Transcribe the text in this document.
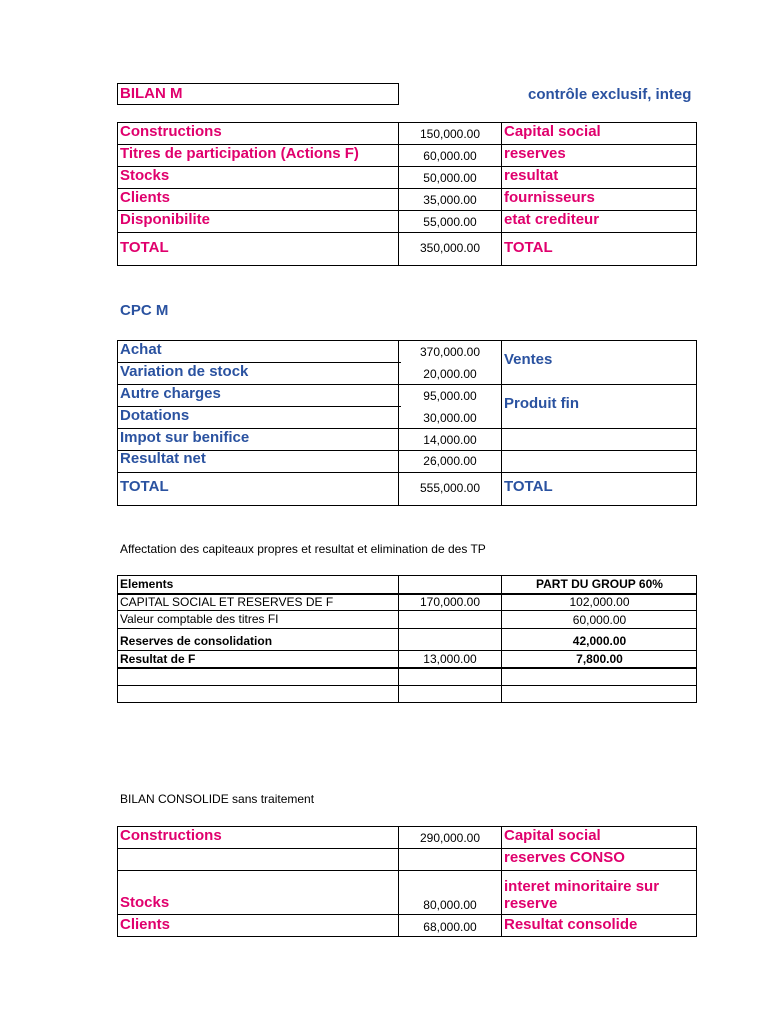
BILAN M	contrôle exclusif, integ
Constructions
Titres de participation (Actions F)
Stocks
Clients
Disponibilite
TOTAL
150,000.00
60,000.00
50,000.00
35,000.00
55,000.00
350,000.00
Capital social
reserves
resultat
fournisseurs
etat crediteur
TOTAL
CPC M
Achat
Variation de stock
Autre charges
Dotations
Impot sur benifice
Resultat net
TOTAL
370,000.00
20,000.00
95,000.00
30,000.00
14,000.00
26,000.00
555,000.00
Ventes
Produit fin
TOTAL
Affectation des capiteaux propres et resultat et elimination de des TP
Elements	PART DU GROUP 60%
CAPITAL SOCIAL ET RESERVES DE F
Valeur comptable des titres FI
Reserves de consolidation
Resultat de F
170,000.00
13,000.00
102,000.00
60,000.00
42,000.00
7,800.00
BILAN CONSOLIDE sans traitement
Constructions
Stocks
Clients
290,000.00
80,000.00
68,000.00
Capital social
reserves CONSO
interet minoritaire sur reserve
Resultat consolide
